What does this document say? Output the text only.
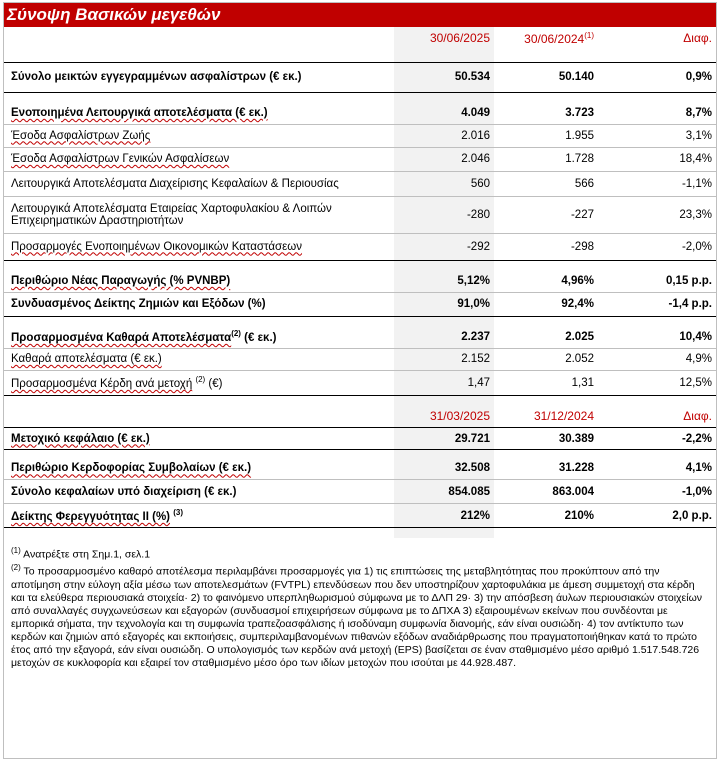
Σύνοψη Βασικών μεγεθών
	30/06/2025	30/06/2024$^{(1)}$	Διαφ.

Σύνολο μεικτών εγγεγραμμένων ασφαλίστρων (€ εκ.)	50.534	50.140	0,9%

Ενοποιημένα Λειτουργικά αποτελέσματα (€ εκ.)	4.049	3.723	8,7%
Έσοδα Ασφαλίστρων Ζωής	2.016	1.955	3,1%
Έσοδα Ασφαλίστρων Γενικών Ασφαλίσεων	2.046	1.728	18,4%
Λειτουργικά Αποτελέσματα Διαχείρισης Κεφαλαίων & Περιουσίας	560	566	-1,1%
Λειτουργικά Αποτελέσματα Εταιρείας Χαρτοφυλακίου & Λοιπών Επιχειρηματικών Δραστηριοτήτων	-280	-227	23,3%
Προσαρμογές Ενοποιημένων Οικονομικών Καταστάσεων	-292	-298	-2,0%

Περιθώριο Νέας Παραγωγής (% PVNBP)	5,12%	4,96%	0,15 p.p.
Συνδυασμένος Δείκτης Ζημιών και Εξόδων (%)	91,0%	92,4%	-1,4 p.p.

Προσαρμοσμένα Καθαρά Αποτελέσματα$^{(2)}$ (€ εκ.)	2.237	2.025	10,4%
Καθαρά αποτελέσματα (€ εκ.)	2.152	2.052	4,9%
Προσαρμοσμένα Κέρδη ανά μετοχή $^{(2)}$ (€)	1,47	1,31	12,5%

	31/03/2025	31/12/2024	Διαφ.
Μετοχικό κεφάλαιο (€ εκ.)	29.721	30.389	-2,2%

Περιθώριο Κερδοφορίας Συμβολαίων (€ εκ.)	32.508	31.228	4,1%
Σύνολο κεφαλαίων υπό διαχείριση (€ εκ.)	854.085	863.004	-1,0%
Δείκτης Φερεγγυότητας II (%) $^{(3)}$	212%	210%	2,0 p.p.

$^{(1)}$ Ανατρέξτε στη Σημ.1, σελ.1

$^{(2)}$ Το προσαρμοσμένο καθαρό αποτέλεσμα περιλαμβάνει προσαρμογές για 1) τις επιπτώσεις της μεταβλητότητας που προκύπτουν από την αποτίμηση στην εύλογη αξία μέσω των αποτελεσμάτων (FVTPL) επενδύσεων που δεν υποστηρίζουν χαρτοφυλάκια με άμεση συμμετοχή στα κέρδη και τα ελεύθερα περιουσιακά στοιχεία· 2) το φαινόμενο υπερπληθωρισμού σύμφωνα με το ΔΛΠ 29· 3) την απόσβεση άυλων περιουσιακών στοιχείων από συναλλαγές συγχωνεύσεων και εξαγορών (συνδυασμοί επιχειρήσεων σύμφωνα με το ΔΠΧΑ 3) εξαιρουμένων εκείνων που συνδέονται με εμπορικά σήματα, την τεχνολογία και τη συμφωνία τραπεζοασφάλισης ή ισοδύναμη συμφωνία διανομής, εάν είναι ουσιώδη· 4) τον αντίκτυπο των κερδών και ζημιών από εξαγορές και εκποιήσεις, συμπεριλαμβανομένων πιθανών εξόδων αναδιάρθρωσης που πραγματοποιήθηκαν κατά το πρώτο έτος από την εξαγορά, εάν είναι ουσιώδη. Ο υπολογισμός των κερδών ανά μετοχή (EPS) βασίζεται σε έναν σταθμισμένο μέσο αριθμό 1.517.548.726 μετοχών σε κυκλοφορία και εξαιρεί τον σταθμισμένο μέσο όρο των ιδίων μετοχών που ισούται με 44.928.487.
